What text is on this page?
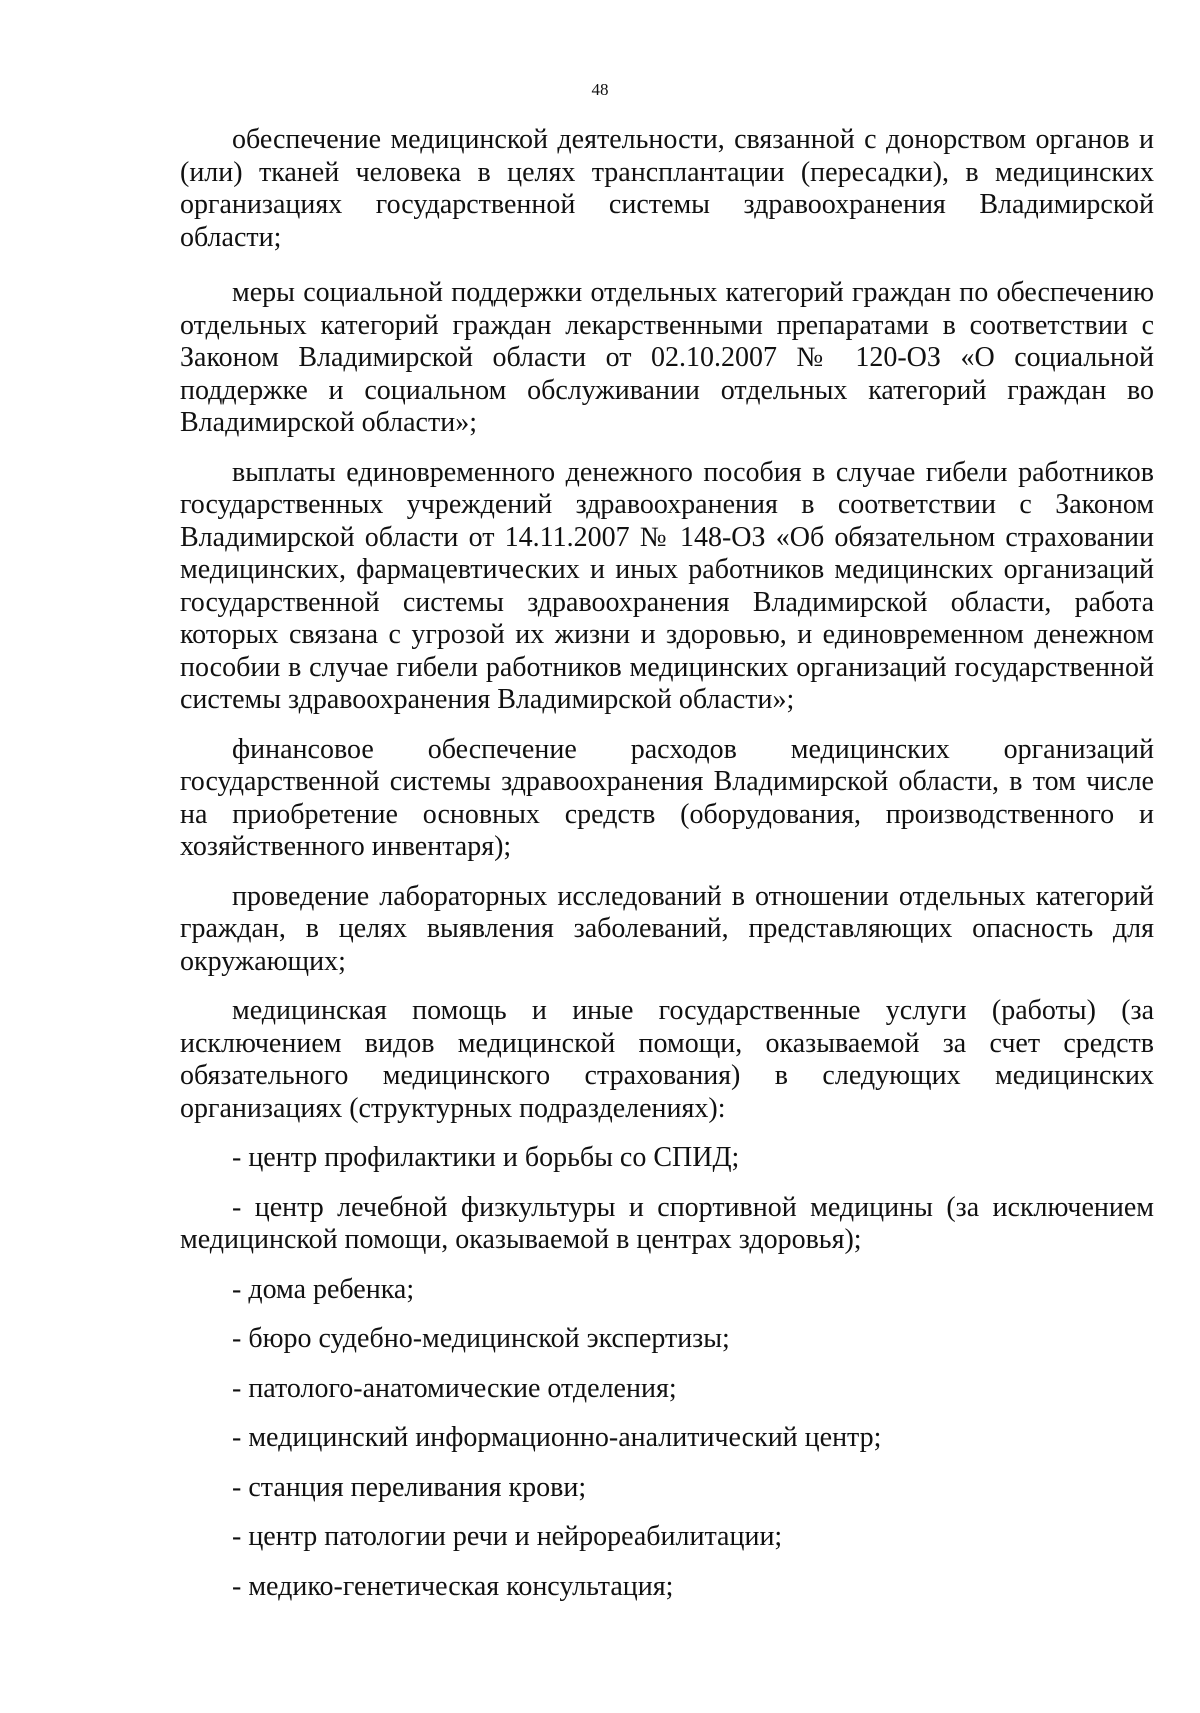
48

обеспечение медицинской деятельности, связанной с донорством органов и (или) тканей человека в целях трансплантации (пересадки), в медицинских организациях государственной системы здравоохранения Владимирской области;

меры социальной поддержки отдельных категорий граждан по обеспечению отдельных категорий граждан лекарственными препаратами в соответствии с Законом Владимирской области от 02.10.2007 № 120-ОЗ «О социальной поддержке и социальном обслуживании отдельных категорий граждан во Владимирской области»;

выплаты единовременного денежного пособия в случае гибели работников государственных учреждений здравоохранения в соответствии с Законом Владимирской области от 14.11.2007 № 148-ОЗ «Об обязательном страховании медицинских, фармацевтических и иных работников медицинских организаций государственной системы здравоохранения Владимирской области, работа которых связана с угрозой их жизни и здоровью, и единовременном денежном пособии в случае гибели работников медицинских организаций государственной системы здравоохранения Владимирской области»;

финансовое обеспечение расходов медицинских организаций государственной системы здравоохранения Владимирской области, в том числе на приобретение основных средств (оборудования, производственного и хозяйственного инвентаря);

проведение лабораторных исследований в отношении отдельных категорий граждан, в целях выявления заболеваний, представляющих опасность для окружающих;

медицинская помощь и иные государственные услуги (работы) (за исключением видов медицинской помощи, оказываемой за счет средств обязательного медицинского страхования) в следующих медицинских организациях (структурных подразделениях):

- центр профилактики и борьбы со СПИД;

- центр лечебной физкультуры и спортивной медицины (за исключением медицинской помощи, оказываемой в центрах здоровья);

- дома ребенка;

- бюро судебно-медицинской экспертизы;

- патолого-анатомические отделения;

- медицинский информационно-аналитический центр;

- станция переливания крови;

- центр патологии речи и нейрореабилитации;

- медико-генетическая консультация;
